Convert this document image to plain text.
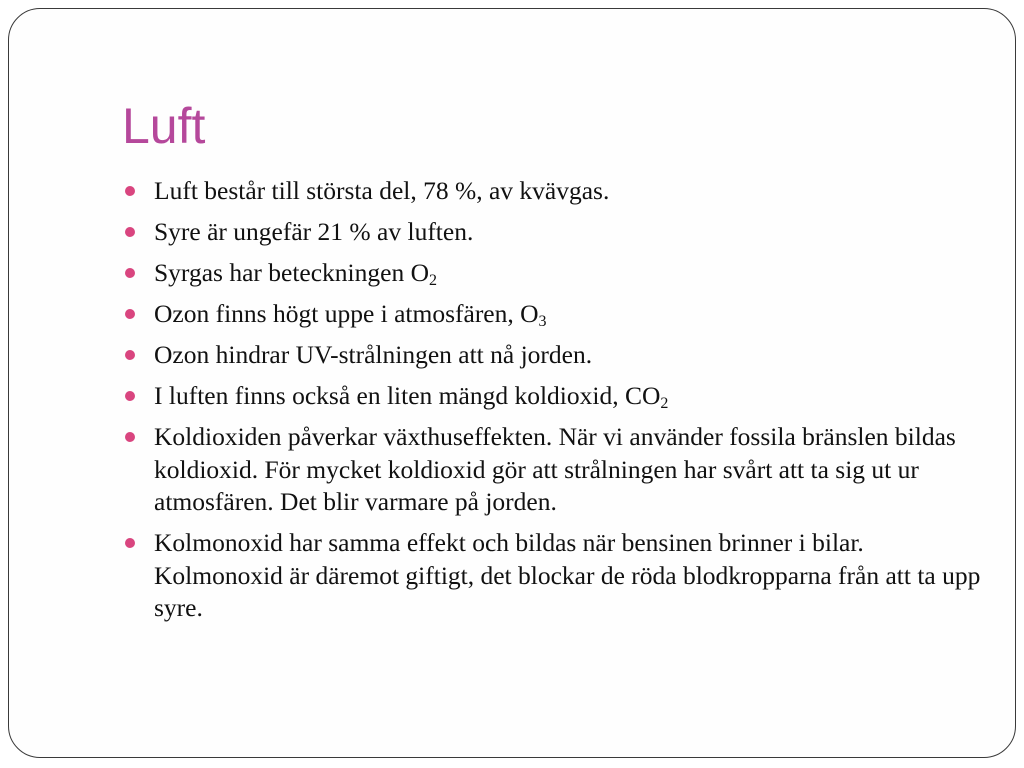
Luft
Luft består till största del, 78 %, av kvävgas.
Syre är ungefär 21 % av luften.
Syrgas har beteckningen $O_2$
Ozon finns högt uppe i atmosfären, $O_3$
Ozon hindrar UV-strålningen att nå jorden.
I luften finns också en liten mängd koldioxid, $CO_2$
Koldioxiden påverkar växthuseffekten. När vi använder fossila bränslen bildas koldioxid. För mycket koldioxid gör att strålningen har svårt att ta sig ut ur atmosfären. Det blir varmare på jorden.
Kolmonoxid har samma effekt och bildas när bensinen brinner i bilar. Kolmonoxid är däremot giftigt, det blockar de röda blodkropparna från att ta upp syre.
